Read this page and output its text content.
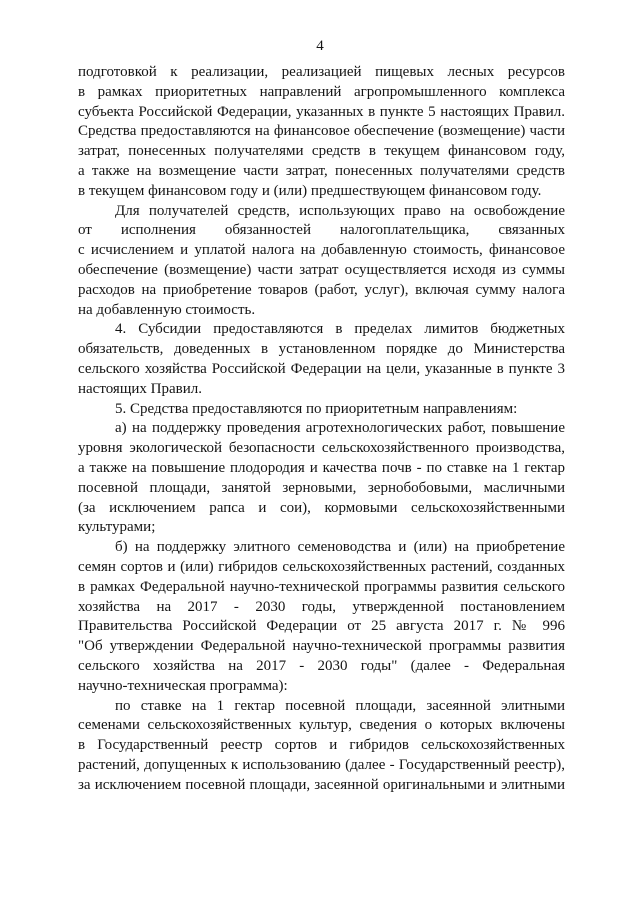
4
подготовкой к реализации, реализацией пищевых лесных ресурсов
в рамках приоритетных направлений агропромышленного комплекса
субъекта Российской Федерации, указанных в пункте 5 настоящих Правил.
Средства предоставляются на финансовое обеспечение (возмещение) части
затрат, понесенных получателями средств в текущем финансовом году,
а также на возмещение части затрат, понесенных получателями средств
в текущем финансовом году и (или) предшествующем финансовом году.
Для получателей средств, использующих право на освобождение
от исполнения обязанностей налогоплательщика, связанных
с исчислением и уплатой налога на добавленную стоимость, финансовое
обеспечение (возмещение) части затрат осуществляется исходя из суммы
расходов на приобретение товаров (работ, услуг), включая сумму налога
на добавленную стоимость.
4. Субсидии предоставляются в пределах лимитов бюджетных
обязательств, доведенных в установленном порядке до Министерства
сельского хозяйства Российской Федерации на цели, указанные в пункте 3
настоящих Правил.
5. Средства предоставляются по приоритетным направлениям:
а) на поддержку проведения агротехнологических работ, повышение
уровня экологической безопасности сельскохозяйственного производства,
а также на повышение плодородия и качества почв - по ставке на 1 гектар
посевной площади, занятой зерновыми, зернобобовыми, масличными
(за исключением рапса и сои), кормовыми сельскохозяйственными
культурами;
б) на поддержку элитного семеноводства и (или) на приобретение
семян сортов и (или) гибридов сельскохозяйственных растений, созданных
в рамках Федеральной научно-технической программы развития сельского
хозяйства на 2017 - 2030 годы, утвержденной постановлением
Правительства Российской Федерации от 25 августа 2017 г. № 996
"Об утверждении Федеральной научно-технической программы развития
сельского хозяйства на 2017 - 2030 годы" (далее - Федеральная
научно-техническая программа):
по ставке на 1 гектар посевной площади, засеянной элитными
семенами сельскохозяйственных культур, сведения о которых включены
в Государственный реестр сортов и гибридов сельскохозяйственных
растений, допущенных к использованию (далее - Государственный реестр),
за исключением посевной площади, засеянной оригинальными и элитными
